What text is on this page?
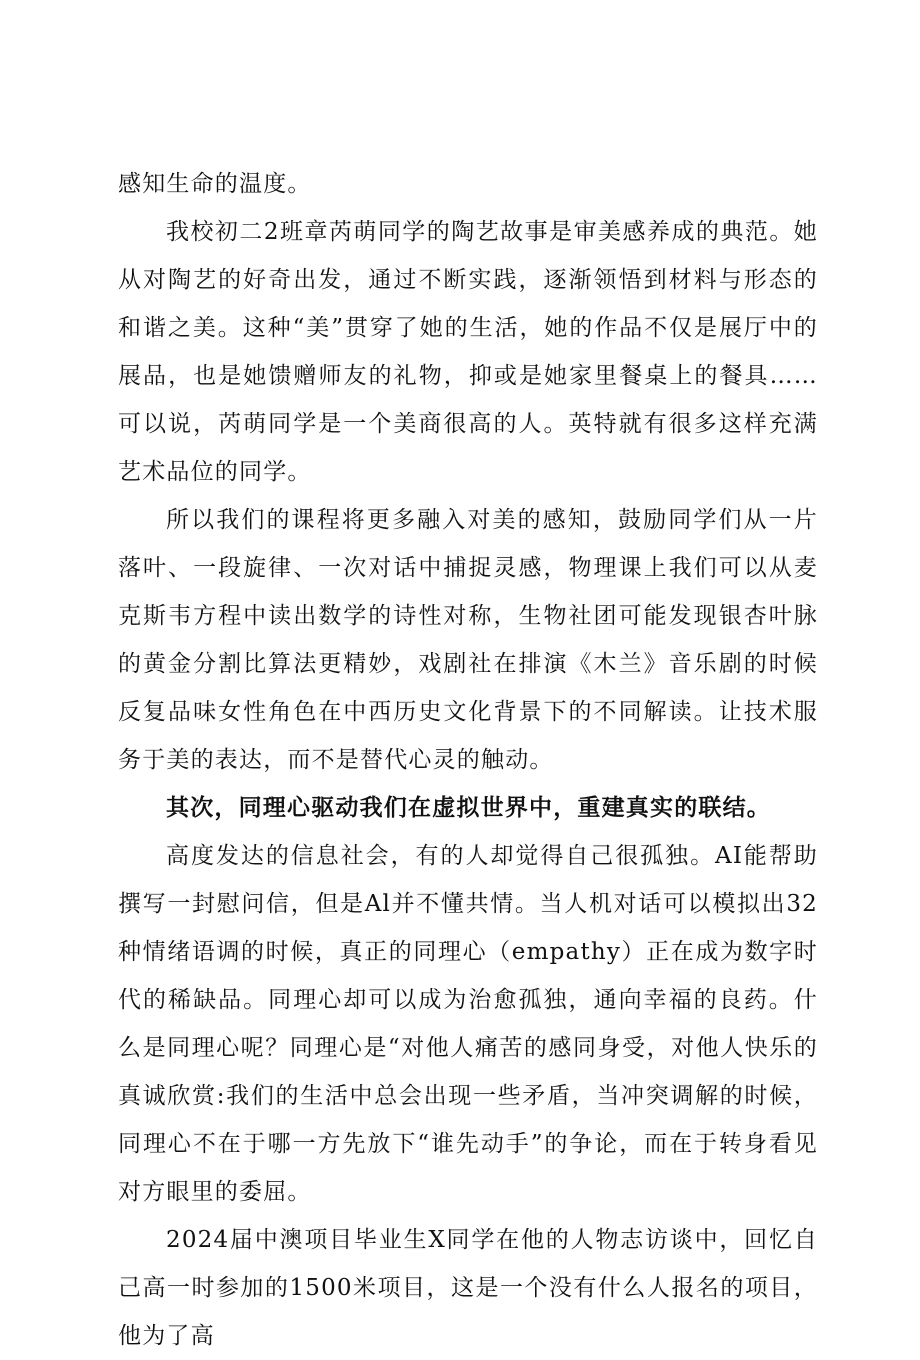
感知生命的温度。

我校初二2班章芮萌同学的陶艺故事是审美感养成的典范。她从对陶艺的好奇出发，通过不断实践，逐渐领悟到材料与形态的和谐之美。这种“美”贯穿了她的生活，她的作品不仅是展厅中的展品，也是她馈赠师友的礼物，抑或是她家里餐桌上的餐具……可以说，芮萌同学是一个美商很高的人。英特就有很多这样充满艺术品位的同学。

所以我们的课程将更多融入对美的感知，鼓励同学们从一片落叶、一段旋律、一次对话中捕捉灵感，物理课上我们可以从麦克斯韦方程中读出数学的诗性对称，生物社团可能发现银杏叶脉的黄金分割比算法更精妙，戏剧社在排演《木兰》音乐剧的时候反复品味女性角色在中西历史文化背景下的不同解读。让技术服务于美的表达，而不是替代心灵的触动。

其次，同理心驱动我们在虚拟世界中，重建真实的联结。

高度发达的信息社会，有的人却觉得自己很孤独。AI能帮助撰写一封慰问信，但是Al并不懂共情。当人机对话可以模拟出32种情绪语调的时候，真正的同理心（empathy）正在成为数字时代的稀缺品。同理心却可以成为治愈孤独，通向幸福的良药。什么是同理心呢？同理心是“对他人痛苦的感同身受，对他人快乐的真诚欣赏:我们的生活中总会出现一些矛盾，当冲突调解的时候，同理心不在于哪一方先放下“谁先动手”的争论，而在于转身看见对方眼里的委屈。

2024届中澳项目毕业生X同学在他的人物志访谈中，回忆自己高一时参加的1500米项目，这是一个没有什么人报名的项目，他为了高
